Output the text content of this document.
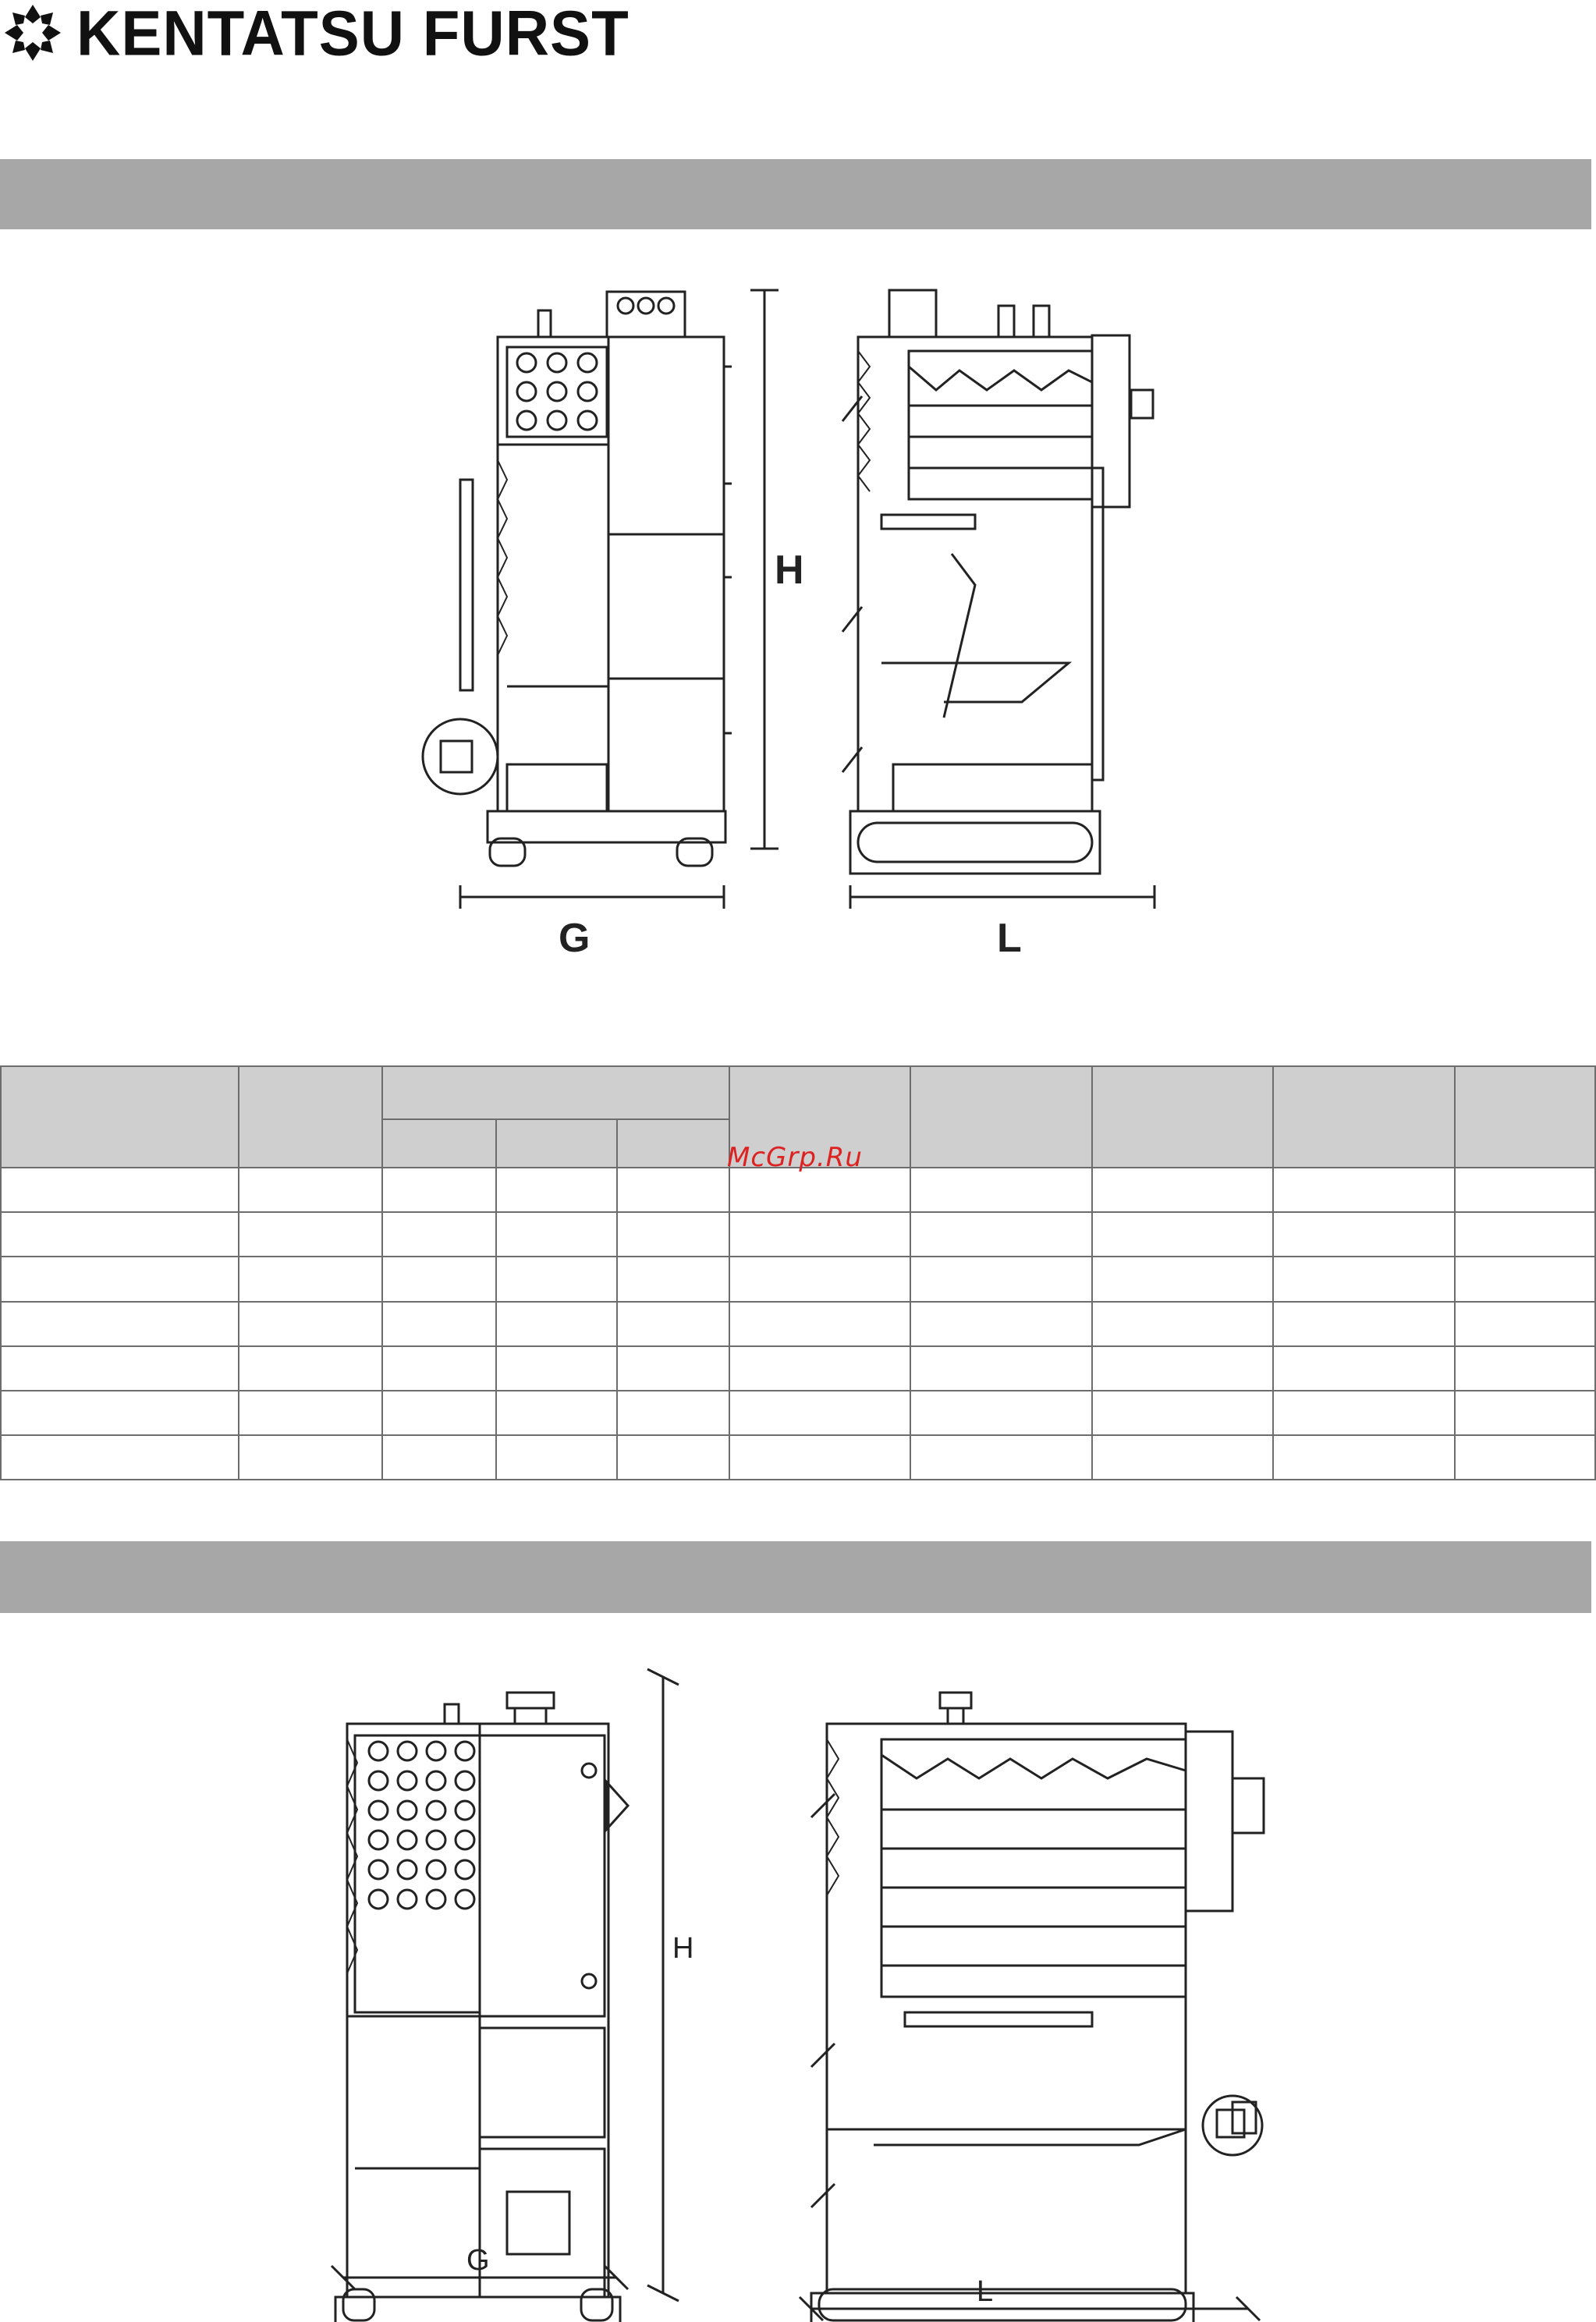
KENTATSU FURST
H
G	L

McGrp.Ru
H
G
L
